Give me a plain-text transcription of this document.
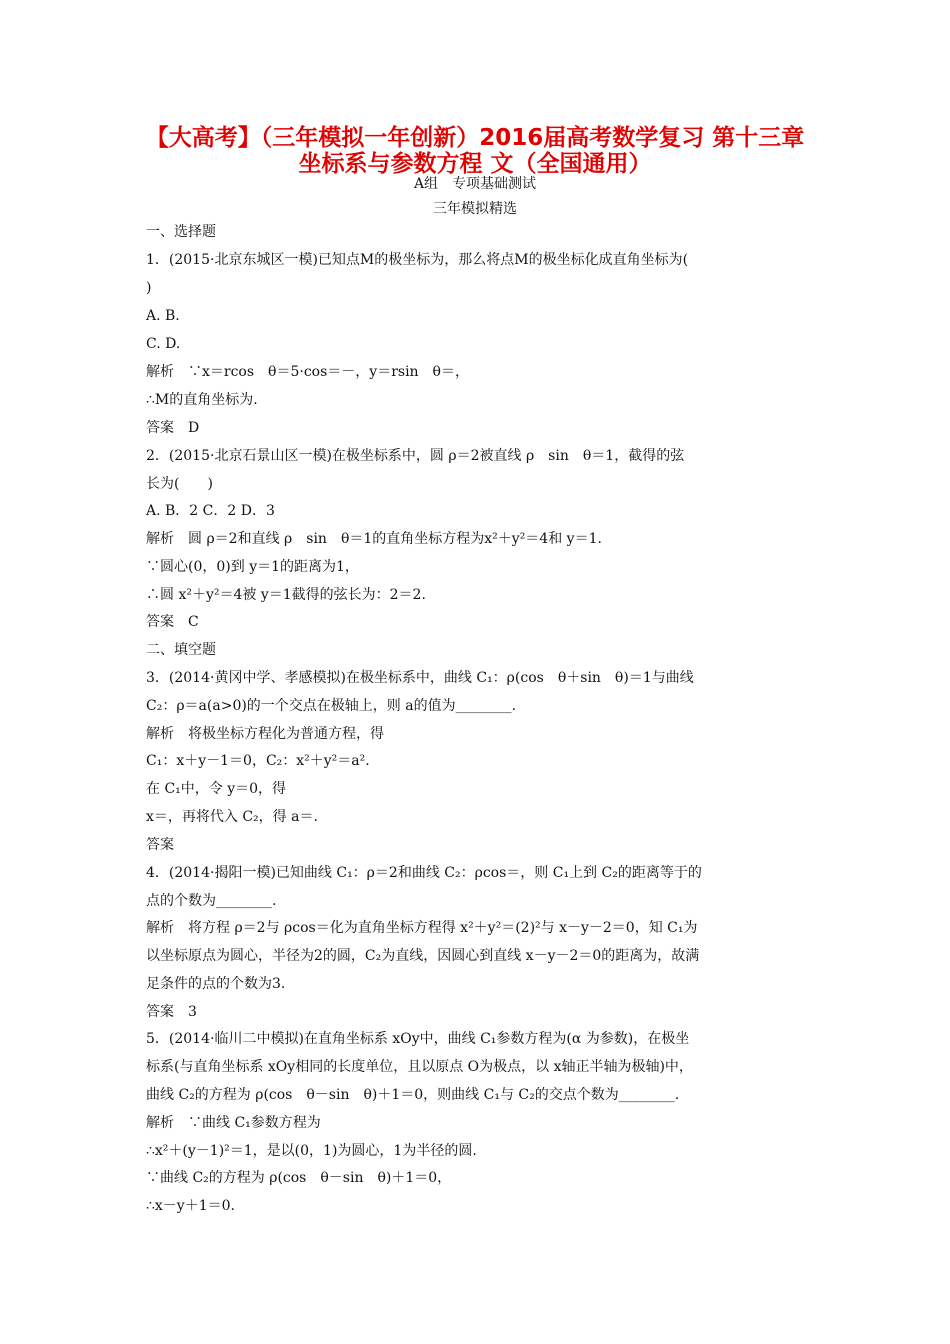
【大高考】（三年模拟一年创新）2016届高考数学复习 第十三章
坐标系与参数方程 文（全国通用）
A组　专项基础测试
三年模拟精选
一、选择题
1．(2015·北京东城区一模)已知点M的极坐标为，那么将点M的极坐标化成直角坐标为(
)
A. B.
C. D.
解析　∵x＝rcos　θ＝5·cos＝－，y＝rsin　θ＝，
∴M的直角坐标为.
答案　D
2．(2015·北京石景山区一模)在极坐标系中，圆 ρ＝2被直线 ρ　sin　θ＝1，截得的弦
长为(　　)
A. B．2 C．2 D．3
解析　圆 ρ＝2和直线 ρ　sin　θ＝1的直角坐标方程为x²＋y²＝4和 y＝1.
∵圆心(0，0)到 y＝1的距离为1，
∴圆 x²＋y²＝4被 y＝1截得的弦长为：2＝2.
答案　C
二、填空题
3．(2014·黄冈中学、孝感模拟)在极坐标系中，曲线 C₁：ρ(cos　θ＋sin　θ)＝1与曲线
C₂：ρ＝a(a>0)的一个交点在极轴上，则 a的值为________.
解析　将极坐标方程化为普通方程，得
C₁：x＋y－1＝0，C₂：x²＋y²＝a².
在 C₁中，令 y＝0，得
x＝，再将代入 C₂，得 a＝.
答案
4．(2014·揭阳一模)已知曲线 C₁：ρ＝2和曲线 C₂：ρcos＝，则 C₁上到 C₂的距离等于的
点的个数为________.
解析　将方程 ρ＝2与 ρcos＝化为直角坐标方程得 x²＋y²＝(2)²与 x－y－2＝0，知 C₁为
以坐标原点为圆心，半径为2的圆，C₂为直线，因圆心到直线 x－y－2＝0的距离为，故满
足条件的点的个数为3.
答案　3
5．(2014·临川二中模拟)在直角坐标系 xOy中，曲线 C₁参数方程为(α 为参数)，在极坐
标系(与直角坐标系 xOy相同的长度单位，且以原点 O为极点，以 x轴正半轴为极轴)中，
曲线 C₂的方程为 ρ(cos　θ－sin　θ)＋1＝0，则曲线 C₁与 C₂的交点个数为________.
解析　∵曲线 C₁参数方程为
∴x²＋(y－1)²＝1，是以(0，1)为圆心，1为半径的圆.
∵曲线 C₂的方程为 ρ(cos　θ－sin　θ)＋1＝0，
∴x－y＋1＝0.
